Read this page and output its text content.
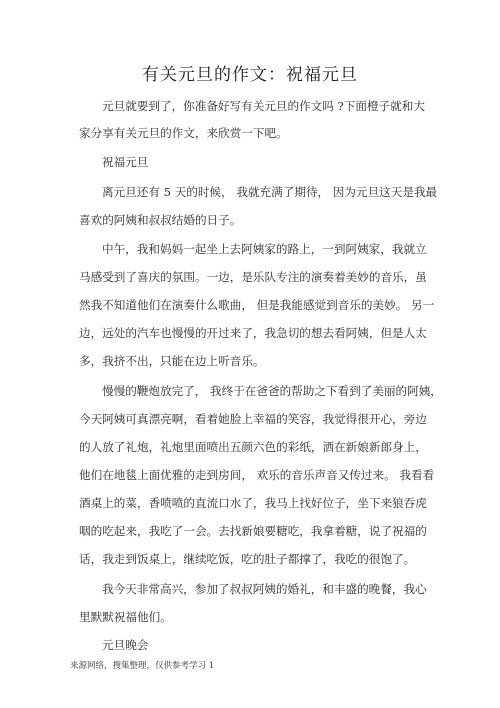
有关元旦的作文：祝福元旦
元旦就要到了，你准备好写有关元旦的作文吗 ?下面橙子就和大
家分享有关元旦的作文，来欣赏一下吧。
祝福元旦
离元旦还有 5 天的时候， 我就充满了期待， 因为元旦这天是我最
喜欢的阿姨和叔叔结婚的日子。
中午，我和妈妈一起坐上去阿姨家的路上，一到阿姨家，我就立
马感受到了喜庆的氛围。一边，是乐队专注的演奏着美妙的音乐，虽
然我不知道他们在演奏什么歌曲， 但是我能感觉到音乐的美妙。 另一
边，远处的汽车也慢慢的开过来了，我急切的想去看阿姨，但是人太
多，我挤不出，只能在边上听音乐。
慢慢的鞭炮放完了， 我终于在爸爸的帮助之下看到了美丽的阿姨，
今天阿姨可真漂亮啊，看着她脸上幸福的笑容，我觉得很开心，旁边
的人放了礼炮，礼炮里面喷出五颜六色的彩纸，洒在新娘新郎身上，
他们在地毯上面优雅的走到房间， 欢乐的音乐声音又传过来。 我看看
酒桌上的菜，香喷喷的直流口水了，我马上找好位子，坐下来狼吞虎
咽的吃起来，我吃了一会。去找新娘要糖吃，我拿着糖，说了祝福的
话，我走到饭桌上，继续吃饭，吃的肚子都撑了，我吃的很饱了。
我今天非常高兴，参加了叔叔阿姨的婚礼，和丰盛的晚餐，我心
里默默祝福他们。
元旦晚会
来源网络，搜集整理，仅供参考学习 1
